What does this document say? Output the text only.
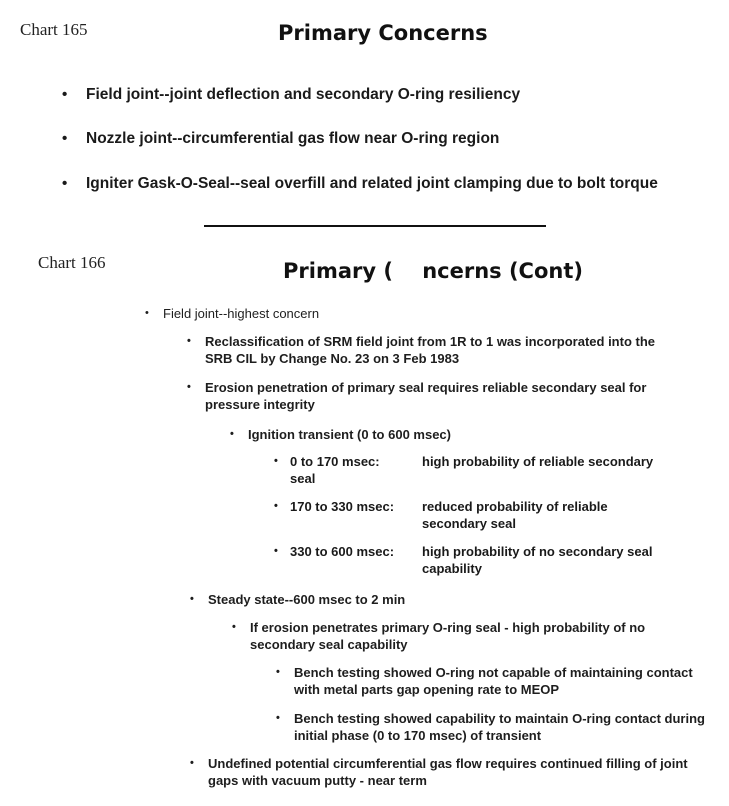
Chart 165	Primary Concerns
• Field joint--joint deflection and secondary O-ring resiliency
• Nozzle joint--circumferential gas flow near O-ring region
• Igniter Gask-O-Seal--seal overfill and related joint clamping due to bolt torque
Chart 166	Primary (    ncerns (Cont)
• Field joint--highest concern
• Reclassification of SRM field joint from 1R to 1 was incorporated into the SRB CIL by Change No. 23 on 3 Feb 1983
• Erosion penetration of primary seal requires reliable secondary seal for pressure integrity
• Ignition transient (0 to 600 msec)
• 0 to 170 msec:	high probability of reliable secondary
seal
• 170 to 330 msec: reduced probability of reliable secondary seal
• 330 to 600 msec: high probability of no secondary seal capability
• Steady state--600 msec to 2 min
• If erosion penetrates primary O-ring seal - high probability of no secondary seal capability
• Bench testing showed O-ring not capable of maintaining contact with metal parts gap opening rate to MEOP
• Bench testing showed capability to maintain O-ring contact during initial phase (0 to 170 msec) of transient
• Undefined potential circumferential gas flow requires continued filling of joint gaps with vacuum putty - near term
